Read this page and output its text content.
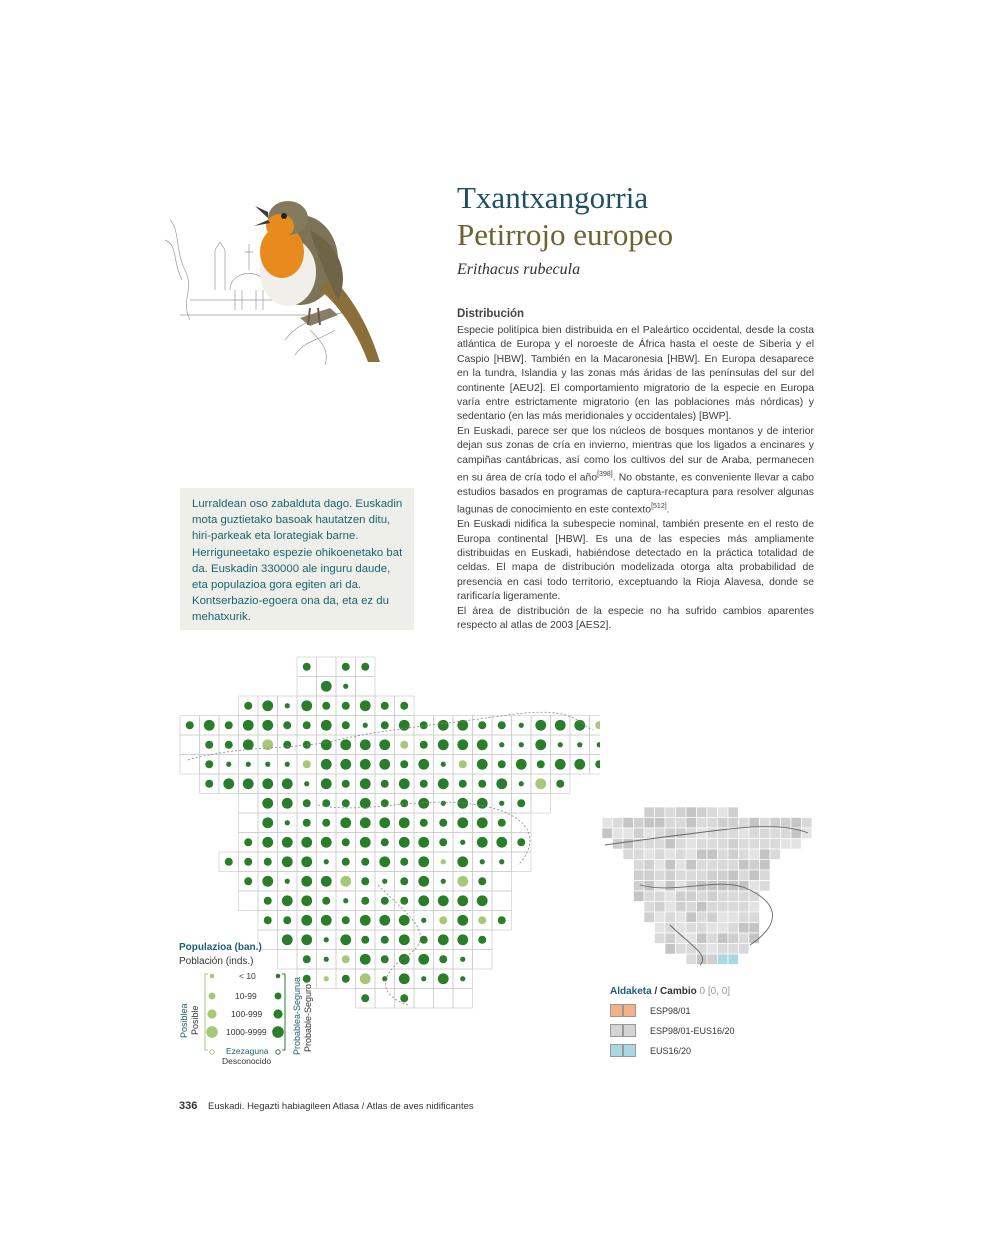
Txantxangorria
Petirrojo europeo
Erithacus rubecula
Distribución

Especie politípica bien distribuida en el Paleártico occidental, desde la costa atlántica de Europa y el noroeste de África hasta el oeste de Siberia y el Caspio [HBW]. También en la Macaronesia [HBW]. En Europa desaparece en la tundra, Islandia y las zonas más áridas de las penínsulas del sur del continente [AEU2]. El comportamiento migratorio de la especie en Europa varía entre estrictamente migratorio (en las poblaciones más nórdicas) y sedentario (en las más meridionales y occidentales) [BWP].

En Euskadi, parece ser que los núcleos de bosques montanos y de interior dejan sus zonas de cría en invierno, mientras que los ligados a encinares y campiñas cantábricas, así como los cultivos del sur de Araba, permanecen en su área de cría todo el año[398]. No obstante, es conveniente llevar a cabo estudios basados en programas de captura-recaptura para resolver algunas lagunas de conocimiento en este contexto[512].

En Euskadi nidifica la subespecie nominal, también presente en el resto de Europa continental [HBW]. Es una de las especies más ampliamente distribuidas en Euskadi, habiéndose detectado en la práctica totalidad de celdas. El mapa de distribución modelizada otorga alta probabilidad de presencia en casi todo territorio, exceptuando la Rioja Alavesa, donde se rarificaría ligeramente.

El área de distribución de la especie no ha sufrido cambios aparentes respecto al atlas de 2003 [AES2].

Lurraldean oso zabalduta dago. Euskadin mota guztietako basoak hautatzen ditu, hiri-parkeak eta lorategiak barne. Herriguneetako espezie ohikoenetako bat da. Euskadin 330000 ale inguru daude, eta populazioa gora egiten ari da. Kontserbazio-egoera ona da, eta ez du mehatxurik.

Populazioa (ban.)
Población (inds.)
< 10
10-99
100-999
1000-9999
Posiblea Posible	Probablea-Segurua Probable-Seguro
Ezezaguna
Desconocido
Aldaketa / Cambio 0 [0, 0]
ESP98/01
ESP98/01-EUS16/20
EUS16/20
336 Euskadi. Hegazti habiagileen Atlasa / Atlas de aves nidificantes
